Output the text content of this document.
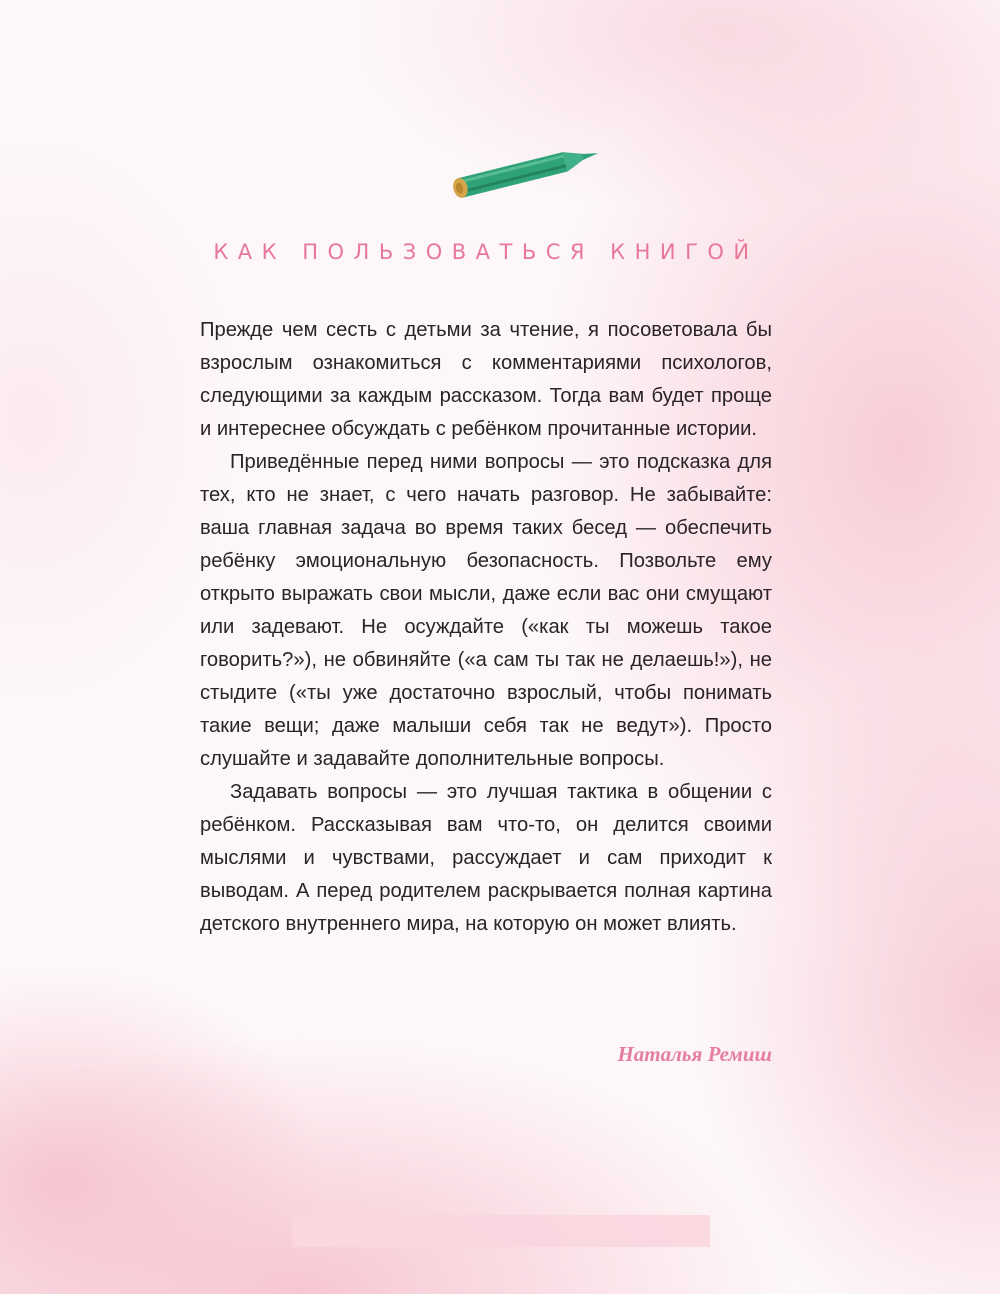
КАК ПОЛЬЗОВАТЬСЯ КНИГОЙ

Прежде чем сесть с детьми за чтение, я посоветовала бы взрослым ознакомиться с комментариями психологов, следующими за каждым рассказом. Тогда вам будет проще и интереснее обсуждать с ребёнком прочитанные истории.

Приведённые перед ними вопросы — это подсказка для тех, кто не знает, с чего начать разговор. Не забывайте: ваша главная задача во время таких бесед — обеспечить ребёнку эмоциональную безопасность. Позвольте ему открыто выражать свои мысли, даже если вас они смущают или задевают. Не осуждайте («как ты можешь такое говорить?»), не обвиняйте («а сам ты так не делаешь!»), не стыдите («ты уже достаточно взрослый, чтобы понимать такие вещи; даже малыши себя так не ведут»). Просто слушайте и задавайте дополнительные вопросы.

Задавать вопросы — это лучшая тактика в общении с ребёнком. Рассказывая вам что-то, он делится своими мыслями и чувствами, рассуждает и сам приходит к выводам. А перед родителем раскрывается полная картина детского внутреннего мира, на которую он может влиять.

Наталья Ремиш
